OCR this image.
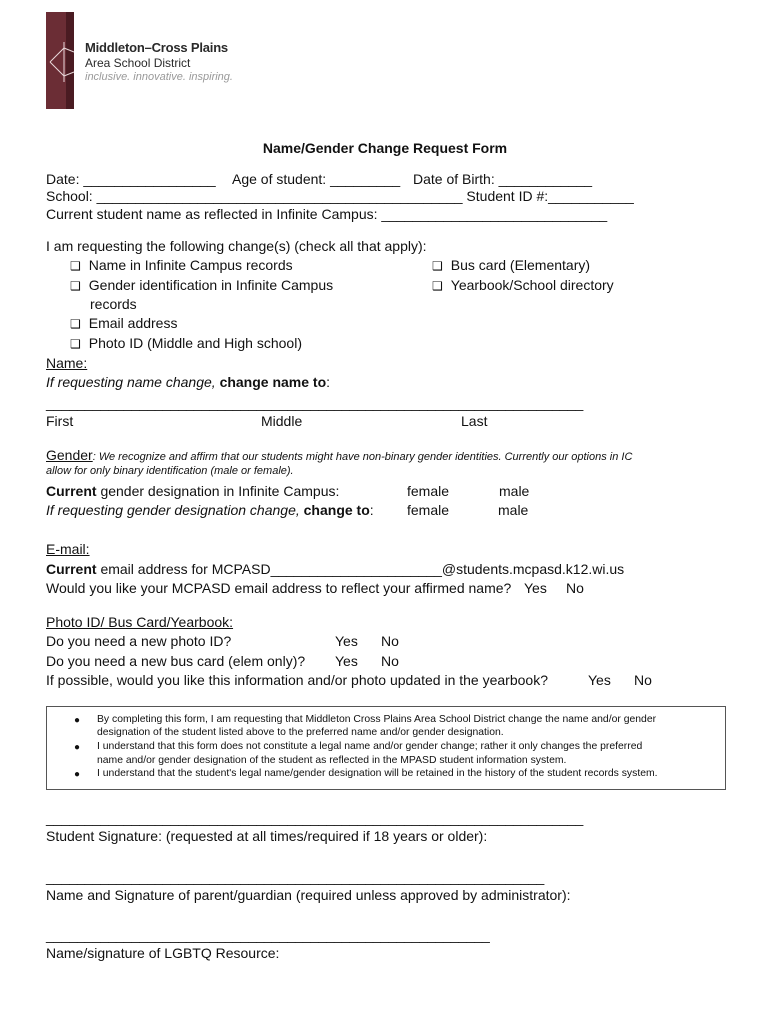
Middleton–Cross Plains
Area School District
inclusive. innovative. inspiring.
Name/Gender Change Request Form
Date: _________________ Age of student: _________ Date of Birth: ____________
School: _______________________________________________ Student ID #:___________
Current student name as reflected in Infinite Campus: _____________________________
I am requesting the following change(s) (check all that apply):
❑ Name in Infinite Campus records
❑ Gender identification in Infinite Campus
records
❑ Email address
❑ Photo ID (Middle and High school)
❑ Bus card (Elementary)
❑ Yearbook/School directory
Name:
If requesting name change, change name to:
_____________________________________________________________________
First	Middle	Last
Gender: We recognize and affirm that our students might have non-binary gender identities. Currently our options in IC
allow for only binary identification (male or female).
Current gender designation in Infinite Campus:	female	male
If requesting gender designation change, change to: female	male
E-mail:
Current email address for MCPASD______________________@students.mcpasd.k12.wi.us
Would you like your MCPASD email address to reflect your affirmed name? Yes No
Photo ID/ Bus Card/Yearbook:
Do you need a new photo ID?	Yes No
Do you need a new bus card (elem only)? Yes No
If possible, would you like this information and/or photo updated in the yearbook?	Yes No
● By completing this form, I am requesting that Middleton Cross Plains Area School District change the name and/or gender
designation of the student listed above to the preferred name and/or gender designation.
● I understand that this form does not constitute a legal name and/or gender change; rather it only changes the preferred
name and/or gender designation of the student as reflected in the MPASD student information system.
● I understand that the student's legal name/gender designation will be retained in the history of the student records system.
_____________________________________________________________________
Student Signature: (requested at all times/required if 18 years or older):
________________________________________________________________
Name and Signature of parent/guardian (required unless approved by administrator):
_________________________________________________________
Name/signature of LGBTQ Resource:
